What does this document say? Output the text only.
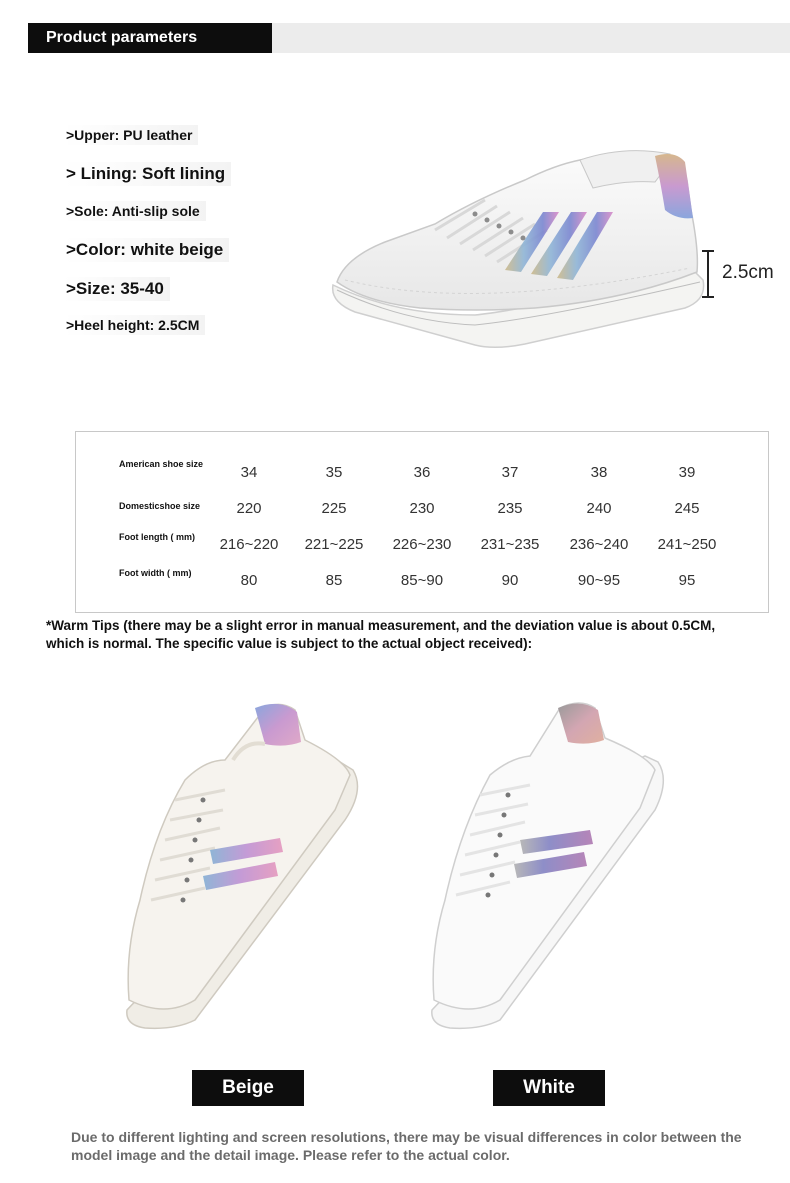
Product parameters
>Upper: PU leather
> Lining: Soft lining
>Sole: Anti-slip sole
>Color: white beige
>Size: 35-40
>Heel height: 2.5CM
2.5cm
American shoe size	34	35	36	37	38	39
Domesticshoe size	220	225	230	235	240	245
Foot length ( mm)	216~220	221~225	226~230	231~235	236~240	241~250
Foot width ( mm)	80	85	85~90	90	90~95	95
*Warm Tips (there may be a slight error in manual measurement, and the deviation value is about 0.5CM, which is normal. The specific value is subject to the actual object received):
Beige	White
Due to different lighting and screen resolutions, there may be visual differences in color between the model image and the detail image. Please refer to the actual color.
